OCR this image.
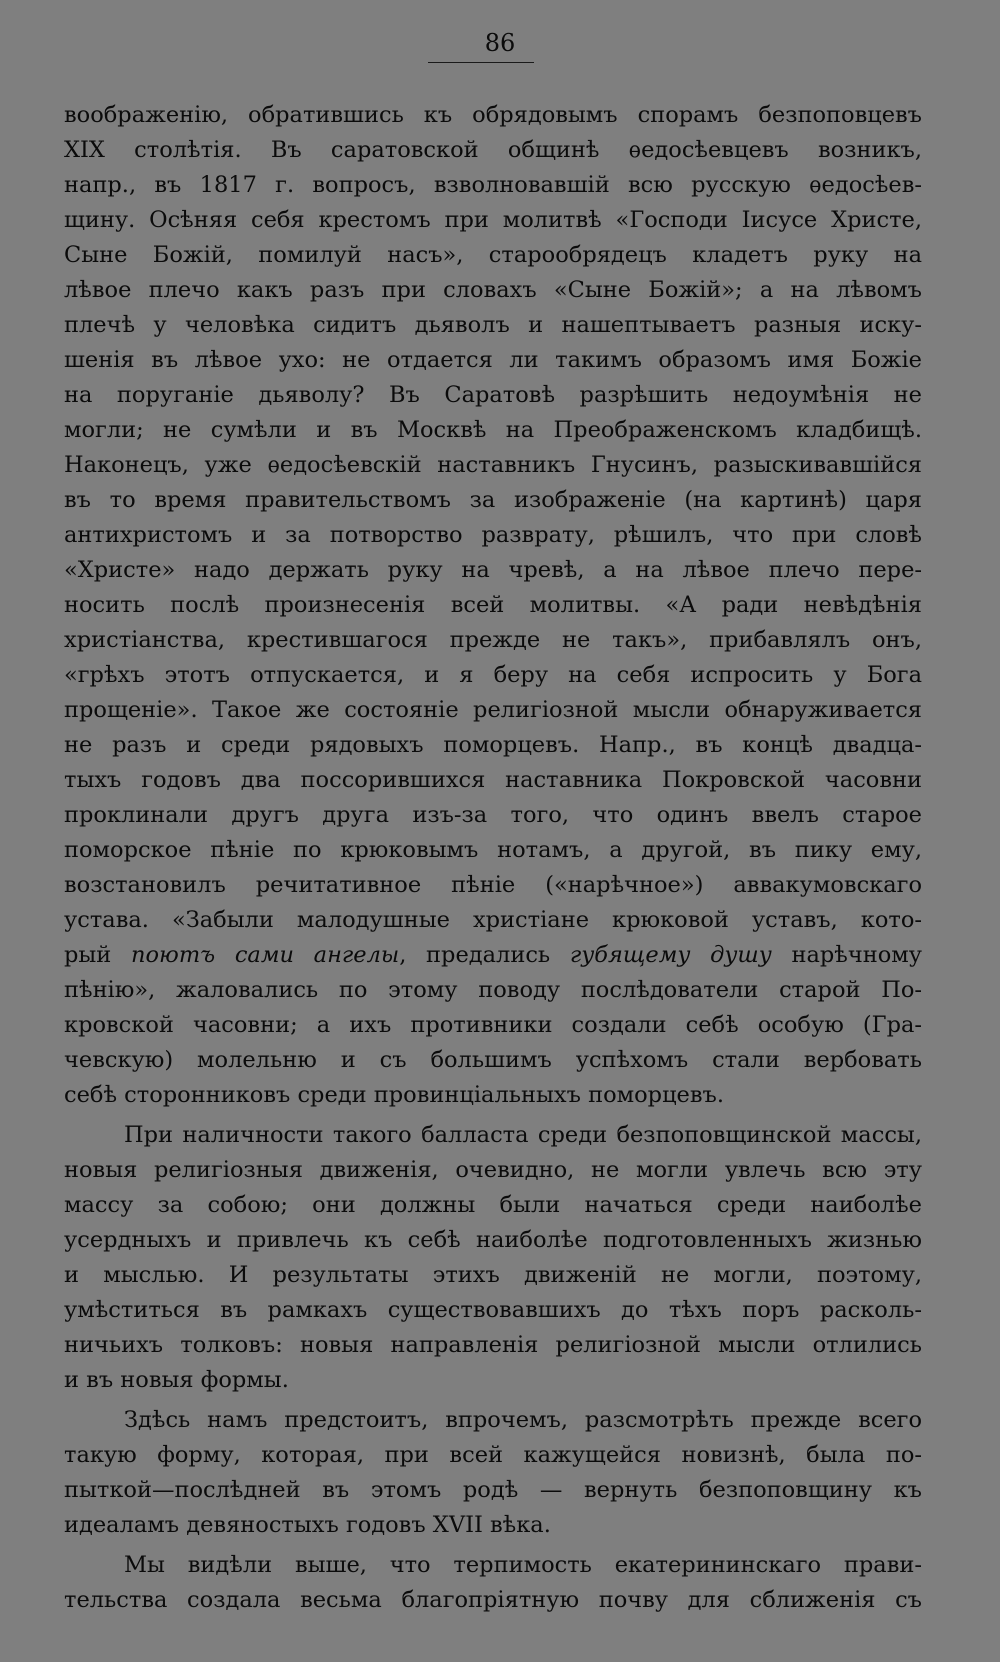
86
воображенію, обратившись къ обрядовымъ спорамъ безпоповцевъ
XIX столѣтія. Въ саратовской общинѣ ѳедосѣевцевъ возникъ,
напр., въ 1817 г. вопросъ, взволновавшій всю русскую ѳедосѣев-
щину. Осѣняя себя крестомъ при молитвѣ «Господи Іисусе Христе,
Сыне Божій, помилуй насъ», старообрядецъ кладетъ руку на
лѣвое плечо какъ разъ при словахъ «Сыне Божій»; а на лѣвомъ
плечѣ у человѣка сидитъ дьяволъ и нашептываетъ разныя иску-
шенія въ лѣвое ухо: не отдается ли такимъ образомъ имя Божіе
на поруганіе дьяволу? Въ Саратовѣ разрѣшить недоумѣнія не
могли; не сумѣли и въ Москвѣ на Преображенскомъ кладбищѣ.
Наконецъ, уже ѳедосѣевскій наставникъ Гнусинъ, разыскивавшійся
въ то время правительствомъ за изображеніе (на картинѣ) царя
антихристомъ и за потворство разврату, рѣшилъ, что при словѣ
«Христе» надо держать руку на чревѣ, а на лѣвое плечо пере-
носить послѣ произнесенія всей молитвы. «А ради невѣдѣнія
христіанства, крестившагося прежде не такъ», прибавлялъ онъ,
«грѣхъ этотъ отпускается, и я беру на себя испросить у Бога
прощеніе». Такое же состояніе религіозной мысли обнаруживается
не разъ и среди рядовыхъ поморцевъ. Напр., въ концѣ двадца-
тыхъ годовъ два поссорившихся наставника Покровской часовни
проклинали другъ друга изъ-за того, что одинъ ввелъ старое
поморское пѣніе по крюковымъ нотамъ, а другой, въ пику ему,
возстановилъ речитативное пѣніе («нарѣчное») аввакумовскаго
устава. «Забыли малодушные христіане крюковой уставъ, кото-
рый поютъ сами ангелы, предались губящему душу нарѣчному
пѣнію», жаловались по этому поводу послѣдователи старой По-
кровской часовни; а ихъ противники создали себѣ особую (Гра-
чевскую) молельню и съ большимъ успѣхомъ стали вербовать
себѣ сторонниковъ среди провинціальныхъ поморцевъ.
При наличности такого балласта среди безпоповщинской массы,
новыя религіозныя движенія, очевидно, не могли увлечь всю эту
массу за собою; они должны были начаться среди наиболѣе
усердныхъ и привлечь къ себѣ наиболѣе подготовленныхъ жизнью
и мыслью. И результаты этихъ движеній не могли, поэтому,
умѣститься въ рамкахъ существовавшихъ до тѣхъ поръ расколь-
ничьихъ толковъ: новыя направленія религіозной мысли отлились
и въ новыя формы.
Здѣсь намъ предстоитъ, впрочемъ, разсмотрѣть прежде всего
такую форму, которая, при всей кажущейся новизнѣ, была по-
пыткой—послѣдней въ этомъ родѣ — вернуть безпоповщину къ
идеаламъ девяностыхъ годовъ XVII вѣка.
Мы видѣли выше, что терпимость екатерининскаго прави-
тельства создала весьма благопріятную почву для сближенія съ
